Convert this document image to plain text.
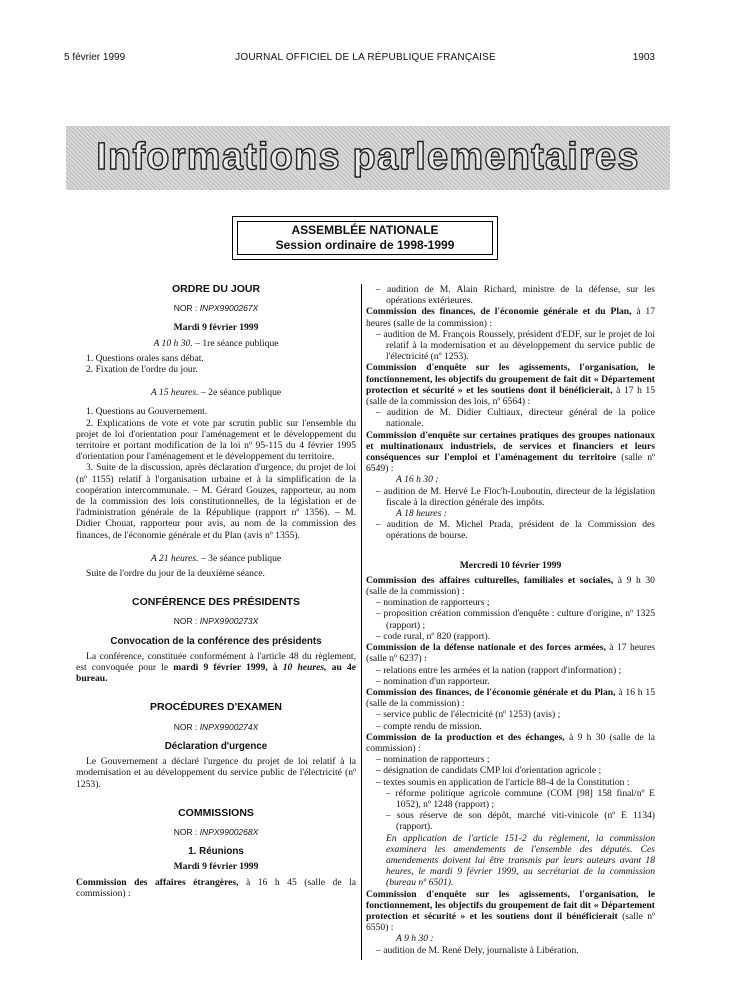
5 février 1999	JOURNAL OFFICIEL DE LA RÉPUBLIQUE FRANÇAISE	1903
Informations parlementaires
ASSEMBLÉE NATIONALE
Session ordinaire de 1998-1999

ORDRE DU JOUR

NOR : INPX9900267X

Mardi 9 février 1999

A 10 h 30. – 1re séance publique

1. Questions orales sans débat.

2. Fixation de l'ordre du jour.

A 15 heures. – 2e séance publique

1. Questions au Gouvernement.

2. Explications de vote et vote par scrutin public sur l'ensemble du projet de loi d'orientation pour l'aménagement et le développement du territoire et portant modification de la loi nº 95-115 du 4 février 1995 d'orientation pour l'aménagement et le développement du territoire.

3. Suite de la discussion, après déclaration d'urgence, du projet de loi (nº 1155) relatif à l'organisation urbaine et à la simplification de la coopération intercommunale. – M. Gérard Gouzes, rapporteur, au nom de la commission des lois constitutionnelles, de la législation et de l'administration générale de la République (rapport nº 1356). – M. Didier Chouat, rapporteur pour avis, au nom de la commission des finances, de l'économie générale et du Plan (avis nº 1355).

A 21 heures. – 3e séance publique

Suite de l'ordre du jour de la deuxième séance.

CONFÉRENCE DES PRÉSIDENTS

NOR : INPX9900273X

Convocation de la conférence des présidents

La conférence, constituée conformément à l'article 48 du règlement, est convoquée pour le mardi 9 février 1999, à 10 heures, au 4e bureau.

PROCÉDURES D'EXAMEN

NOR : INPX9900274X

Déclaration d'urgence

Le Gouvernement a déclaré l'urgence du projet de loi relatif à la modernisation et au développement du service public de l'électricité (nº 1253).

COMMISSIONS

NOR : INPX9900268X

1. Réunions

Mardi 9 février 1999

Commission des affaires étrangères, à 16 h 45 (salle de la commission) :

– audition de M. Alain Richard, ministre de la défense, sur les opérations extérieures.

Commission des finances, de l'économie générale et du Plan, à 17 heures (salle de la commission) :

– audition de M. François Roussely, président d'EDF, sur le projet de loi relatif à la modernisation et au développement du service public de l'électricité (nº 1253).

Commission d'enquête sur les agissements, l'organisation, le fonctionnement, les objectifs du groupement de fait dit « Département protection et sécurité » et les soutiens dont il bénéficierait, à 17 h 15 (salle de la commission des lois, nº 6564) :

– audition de M. Didier Cultiaux, directeur général de la police nationale.

Commission d'enquête sur certaines pratiques des groupes nationaux et multinationaux industriels, de services et financiers et leurs conséquences sur l'emploi et l'aménagement du territoire (salle nº 6549) :

A 16 h 30 :

– audition de M. Hervé Le Floc'h-Louboutin, directeur de la législation fiscale à la direction générale des impôts.

A 18 heures :

– audition de M. Michel Prada, président de la Commission des opérations de bourse.

Mercredi 10 février 1999

Commission des affaires culturelles, familiales et sociales, à 9 h 30 (salle de la commission) :

– nomination de rapporteurs ;

– proposition création commission d'enquête : culture d'origine, nº 1325 (rapport) ;

– code rural, nº 820 (rapport).

Commission de la défense nationale et des forces armées, à 17 heures (salle nº 6237) :

– relations entre les armées et la nation (rapport d'information) ;

– nomination d'un rapporteur.

Commission des finances, de l'économie générale et du Plan, à 16 h 15 (salle de la commission) :

– service public de l'électricité (nº 1253) (avis) ;

– compte rendu de mission.

Commission de la production et des échanges, à 9 h 30 (salle de la commission) :

– nomination de rapporteurs ;

– désignation de candidats CMP loi d'orientation agricole ;

– textes soumis en application de l'article 88-4 de la Constitution :

– réforme politique agricole commune (COM [98] 158 final/nº E 1052), nº 1248 (rapport) ;

– sous réserve de son dépôt, marché viti-vinicole (nº E 1134) (rapport).

En application de l'article 151-2 du règlement, la commission examinera les amendements de l'ensemble des députés. Ces amendements doivent lui être transmis par leurs auteurs avant 18 heures, le mardi 9 février 1999, au secrétariat de la commission (bureau nº 6501).

Commission d'enquête sur les agissements, l'organisation, le fonctionnement, les objectifs du groupement de fait dit « Département protection et sécurité » et les soutiens dont il bénéficierait (salle nº 6550) :

A 9 h 30 :

– audition de M. René Dely, journaliste à Libération.
